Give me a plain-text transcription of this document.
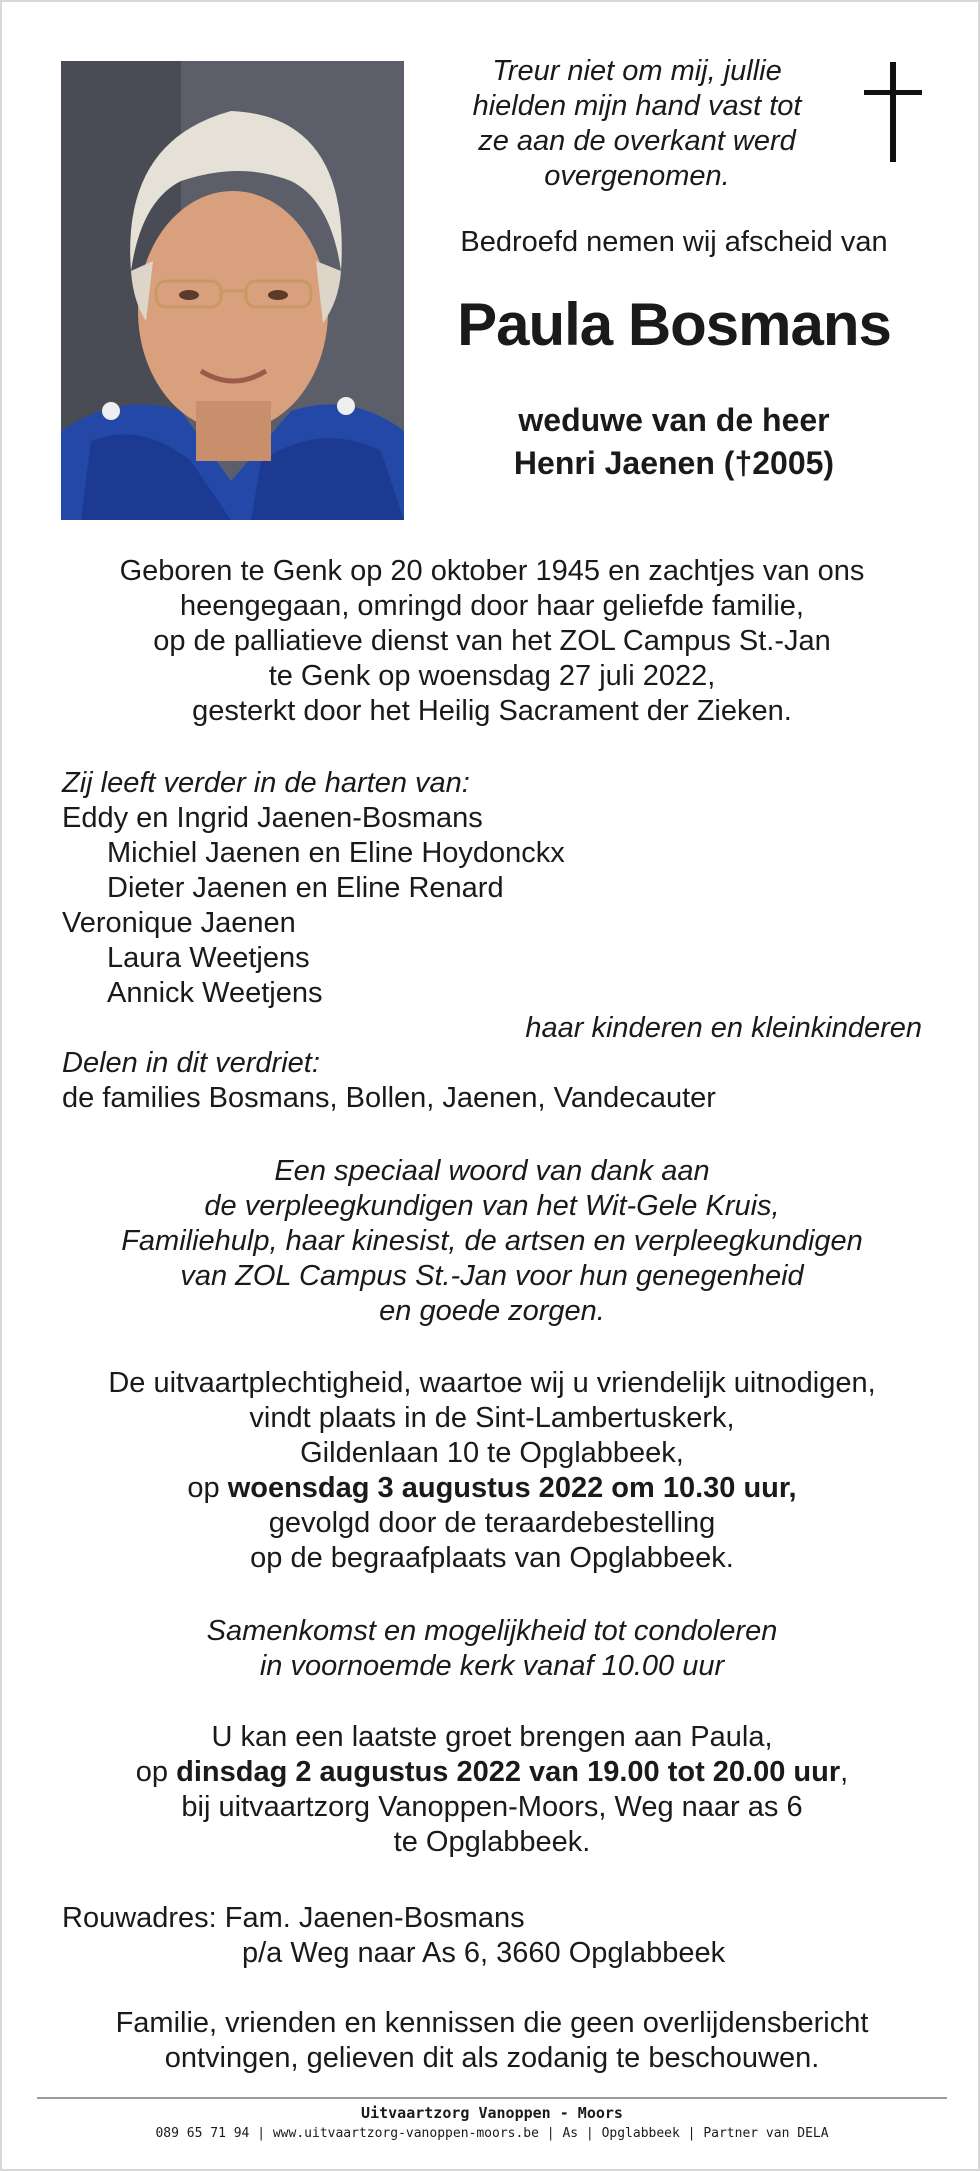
Treur niet om mij, jullie
hielden mijn hand vast tot
ze aan de overkant werd
overgenomen.
Bedroefd nemen wij afscheid van
Paula Bosmans
weduwe van de heer
Henri Jaenen (†2005)
Geboren te Genk op 20 oktober 1945 en zachtjes van ons
heengegaan, omringd door haar geliefde familie,
op de palliatieve dienst van het ZOL Campus St.-Jan
te Genk op woensdag 27 juli 2022,
gesterkt door het Heilig Sacrament der Zieken.
Zij leeft verder in de harten van:
Eddy en Ingrid Jaenen-Bosmans
Michiel Jaenen en Eline Hoydonckx
Dieter Jaenen en Eline Renard
Veronique Jaenen
Laura Weetjens
Annick Weetjens
haar kinderen en kleinkinderen
Delen in dit verdriet:
de families Bosmans, Bollen, Jaenen, Vandecauter
Een speciaal woord van dank aan
de verpleegkundigen van het Wit-Gele Kruis,
Familiehulp, haar kinesist, de artsen en verpleegkundigen
van ZOL Campus St.-Jan voor hun genegenheid
en goede zorgen.
De uitvaartplechtigheid, waartoe wij u vriendelijk uitnodigen,
vindt plaats in de Sint-Lambertuskerk,
Gildenlaan 10 te Opglabbeek,
op woensdag 3 augustus 2022 om 10.30 uur,
gevolgd door de teraardebestelling
op de begraafplaats van Opglabbeek.
Samenkomst en mogelijkheid tot condoleren
in voornoemde kerk vanaf 10.00 uur
U kan een laatste groet brengen aan Paula,
op dinsdag 2 augustus 2022 van 19.00 tot 20.00 uur,
bij uitvaartzorg Vanoppen-Moors, Weg naar as 6
te Opglabbeek.
Rouwadres: Fam. Jaenen-Bosmans
p/a Weg naar As 6, 3660 Opglabbeek
Familie, vrienden en kennissen die geen overlijdensbericht
ontvingen, gelieven dit als zodanig te beschouwen.
Uitvaartzorg Vanoppen - Moors
089 65 71 94 | www.uitvaartzorg-vanoppen-moors.be | As | Opglabbeek | Partner van DELA
